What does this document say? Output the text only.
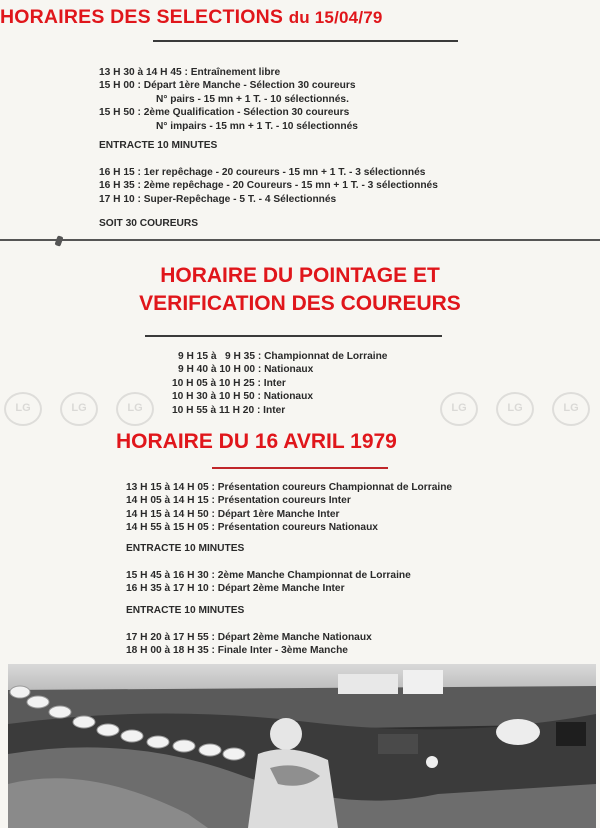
HORAIRES DES SELECTIONS du 15/04/79
13 H 30 à 14 H 45 : Entraînement libre
15 H 00 : Départ 1ère Manche - Sélection 30 coureurs
N° pairs - 15 mn + 1 T. - 10 sélectionnés.
15 H 50 : 2ème Qualification - Sélection 30 coureurs
N° impairs - 15 mn + 1 T. - 10 sélectionnés
ENTRACTE 10 MINUTES
16 H 15 : 1er repêchage - 20 coureurs - 15 mn + 1 T. - 3 sélectionnés
16 H 35 : 2ème repêchage - 20 Coureurs - 15 mn + 1 T. - 3 sélectionnés
17 H 10 : Super-Repêchage - 5 T. - 4 Sélectionnés
SOIT 30 COUREURS
HORAIRE DU POINTAGE ET
VERIFICATION DES COUREURS
9 H 15 à   9 H 35 : Championnat de Lorraine
9 H 40 à 10 H 00 : Nationaux
10 H 05 à 10 H 25 : Inter
10 H 30 à 10 H 50 : Nationaux
10 H 55 à 11 H 20 : Inter
LG	LG	LG	LG	LG	LG
HORAIRE DU 16 AVRIL 1979
13 H 15 à 14 H 05 : Présentation coureurs Championnat de Lorraine
14 H 05 à 14 H 15 : Présentation coureurs Inter
14 H 15 à 14 H 50 : Départ 1ère Manche Inter
14 H 55 à 15 H 05 : Présentation coureurs Nationaux
ENTRACTE 10 MINUTES
15 H 45 à 16 H 30 : 2ème Manche Championnat de Lorraine
16 H 35 à 17 H 10 : Départ 2ème Manche Inter
ENTRACTE 10 MINUTES
17 H 20 à 17 H 55 : Départ 2ème Manche Nationaux
18 H 00 à 18 H 35 : Finale Inter - 3ème Manche
